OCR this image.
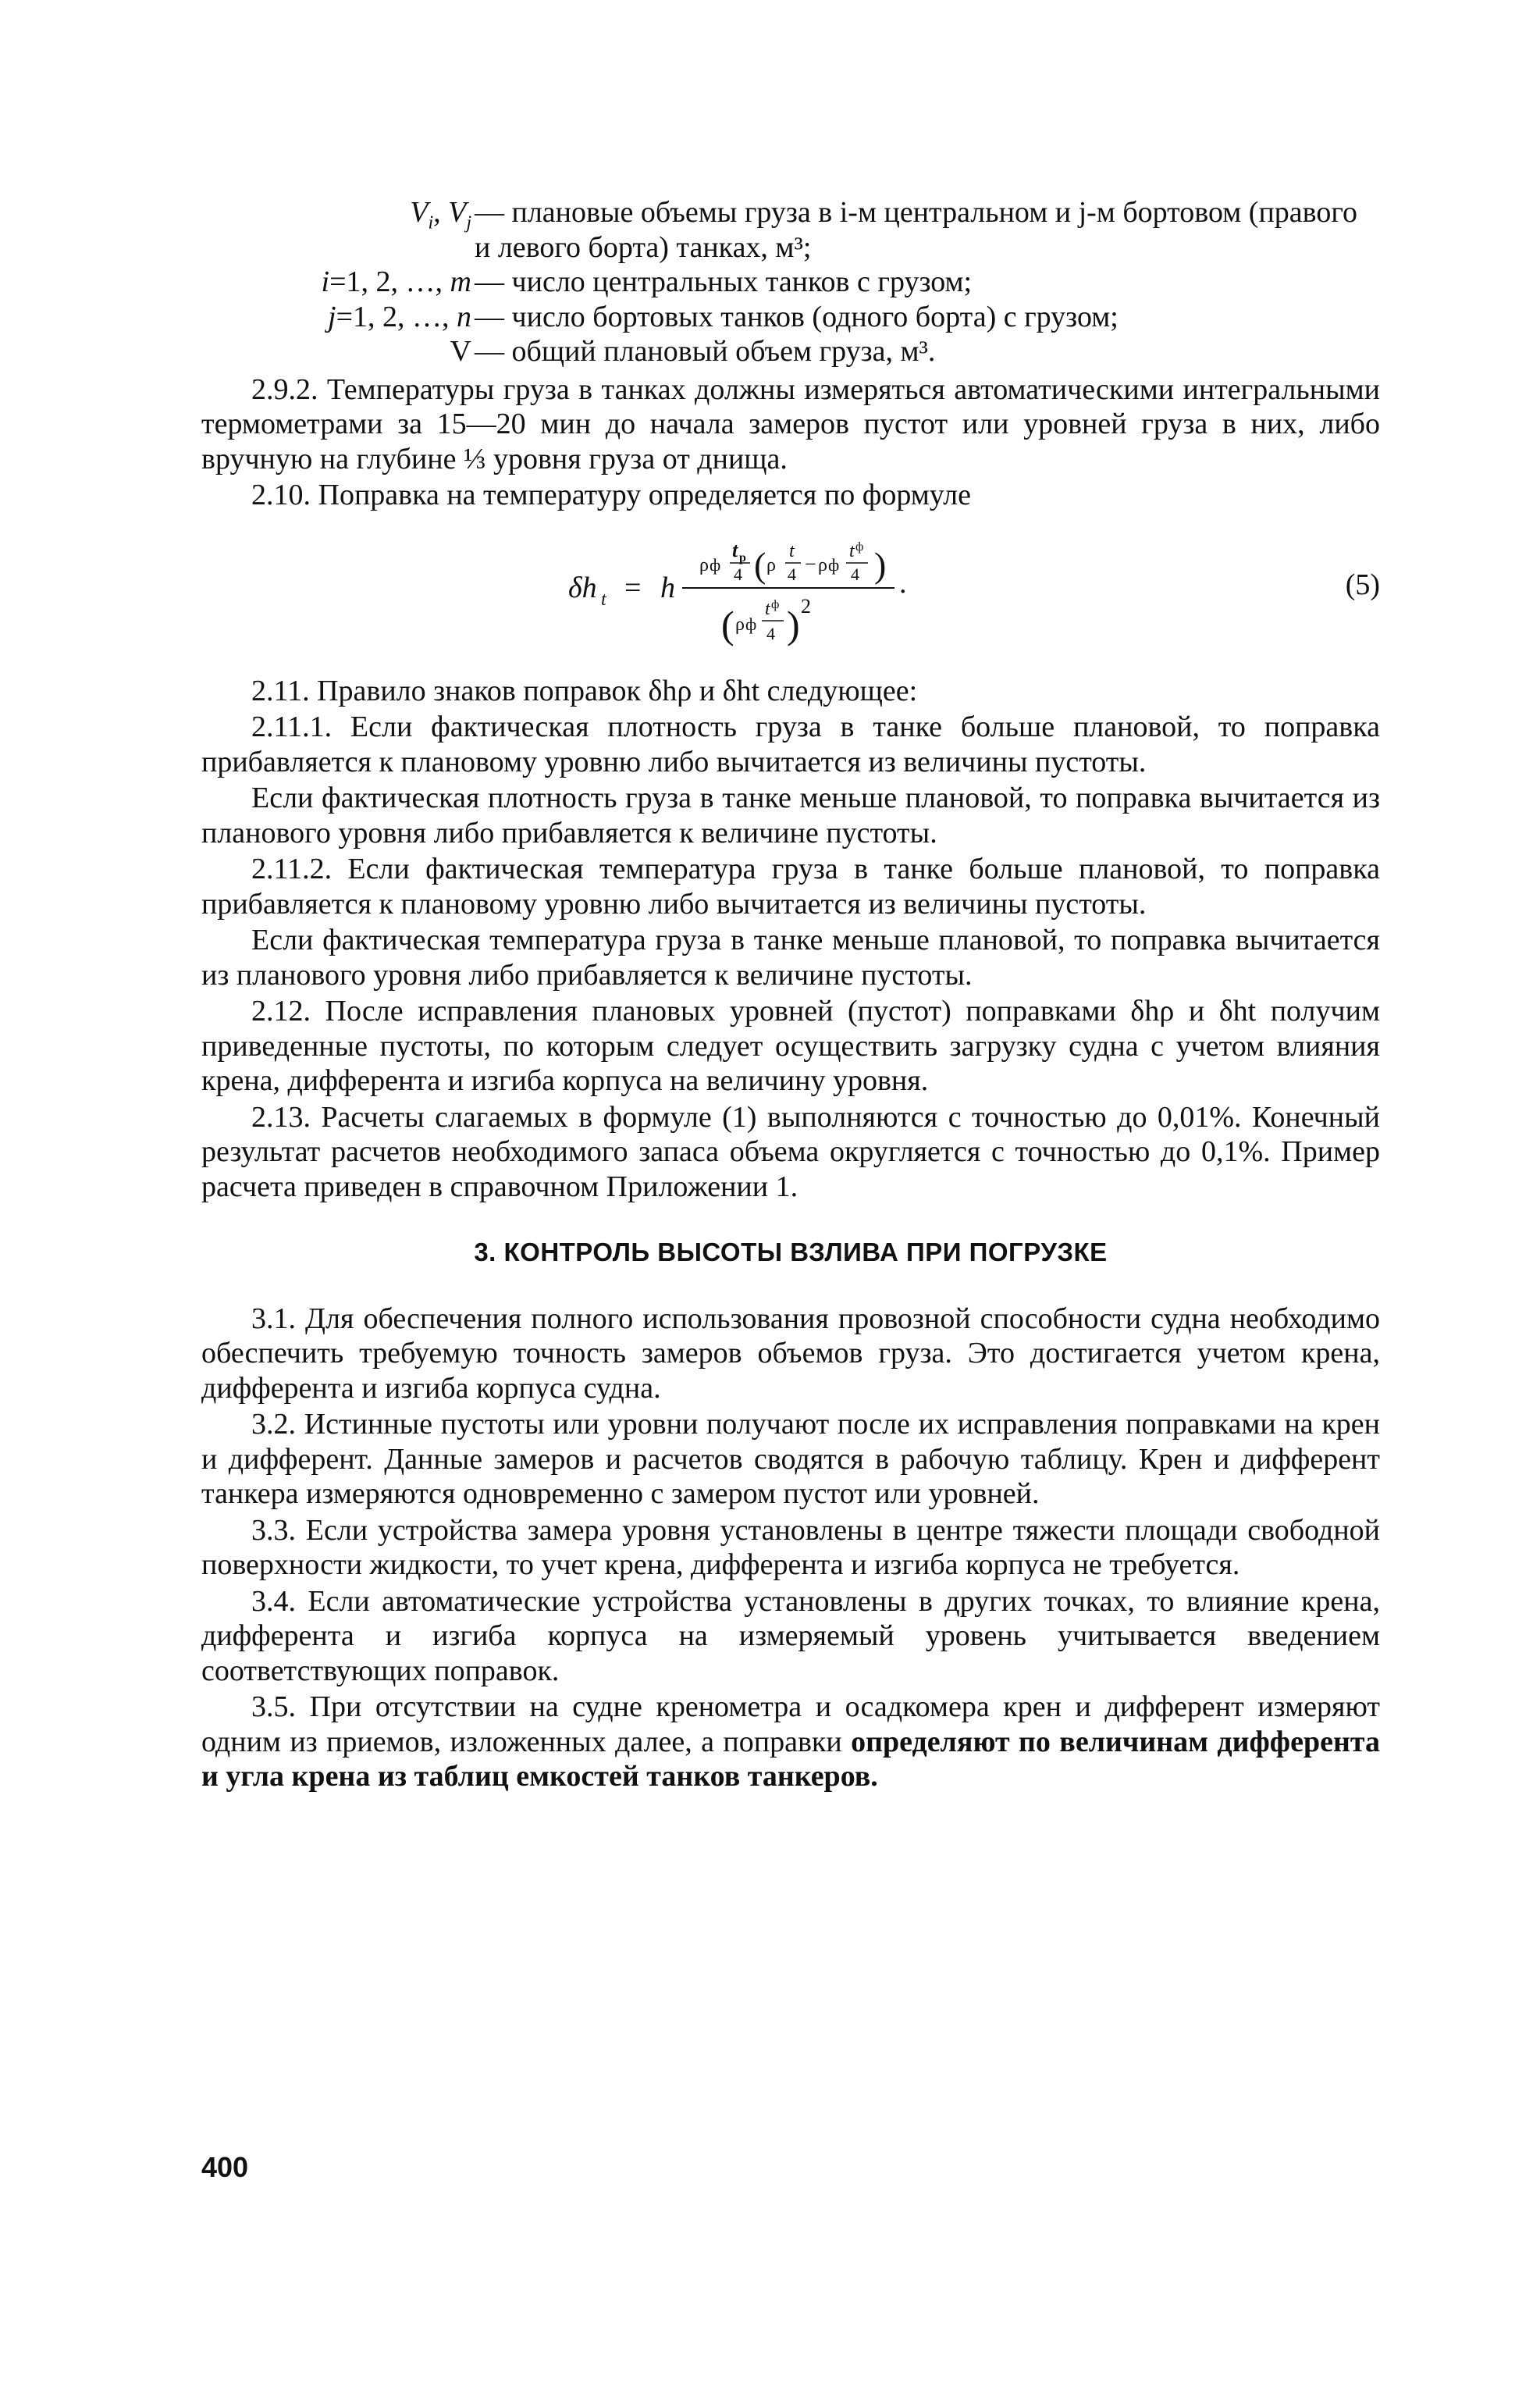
$V_i$, $V_j$ — плановые объемы груза в i-м центральном и j-м бортовом (правого и левого борта) танках, м³;
i=1, 2, …, m — число центральных танков с грузом;
j=1, 2, …, n — число бортовых танков (одного борта) с грузом;
V — общий плановый объем груза, м³.

2.9.2. Температуры груза в танках должны измеряться автоматическими интегральными термометрами за 15—20 мин до начала замеров пустот или уровней груза в них, либо вручную на глубине ⅓ уровня груза от днища.

2.10. Поправка на температуру определяется по формуле

δh t = h	.
ρ ф
t р
4 ( ρ
t
4 − ρ ф
t ф
4 )
( ρ ф
t ф
4 ) 2
(5)

2.11. Правило знаков поправок δhρ и δht следующее:

2.11.1. Если фактическая плотность груза в танке больше плановой, то поправка прибавляется к плановому уровню либо вычитается из величины пустоты.

Если фактическая плотность груза в танке меньше плановой, то поправка вычитается из планового уровня либо прибавляется к величине пустоты.

2.11.2. Если фактическая температура груза в танке больше плановой, то поправка прибавляется к плановому уровню либо вычитается из величины пустоты.

Если фактическая температура груза в танке меньше плановой, то поправка вычитается из планового уровня либо прибавляется к величине пустоты.

2.12. После исправления плановых уровней (пустот) поправками δhρ и δht получим приведенные пустоты, по которым следует осуществить загрузку судна с учетом влияния крена, дифферента и изгиба корпуса на величину уровня.

2.13. Расчеты слагаемых в формуле (1) выполняются с точностью до 0,01%. Конечный результат расчетов необходимого запаса объема округляется с точностью до 0,1%. Пример расчета приведен в справочном Приложении 1.

3. КОНТРОЛЬ ВЫСОТЫ ВЗЛИВА ПРИ ПОГРУЗКЕ

3.1. Для обеспечения полного использования провозной способности судна необходимо обеспечить требуемую точность замеров объемов груза. Это достигается учетом крена, дифферента и изгиба корпуса судна.

3.2. Истинные пустоты или уровни получают после их исправления поправками на крен и дифферент. Данные замеров и расчетов сводятся в рабочую таблицу. Крен и дифферент танкера измеряются одновременно с замером пустот или уровней.

3.3. Если устройства замера уровня установлены в центре тяжести площади свободной поверхности жидкости, то учет крена, дифферента и изгиба корпуса не требуется.

3.4. Если автоматические устройства установлены в других точках, то влияние крена, дифферента и изгиба корпуса на измеряемый уровень учитывается введением соответствующих поправок.

3.5. При отсутствии на судне кренометра и осадкомера крен и дифферент измеряют одним из приемов, изложенных далее, а поправки определяют по величинам дифферента и угла крена из таблиц емкостей танков танкеров.

400
